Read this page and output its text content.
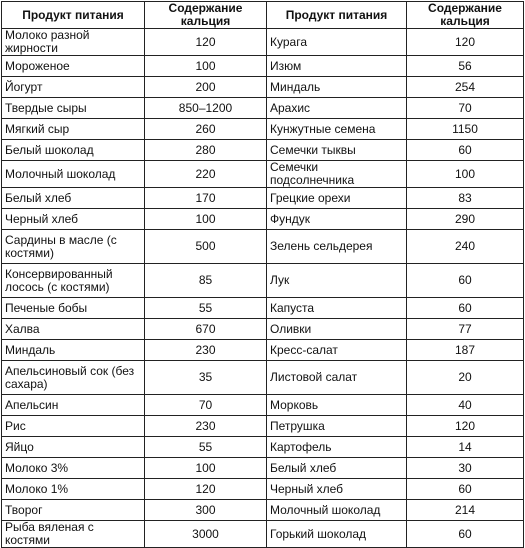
Продукт питания	Содержание кальция	Продукт питания	Содержание кальция
Молоко разной жирности	120	Курага	120
Мороженое	100	Изюм	56
Йогурт	200	Миндаль	254
Твердые сыры	850–1200	Арахис	70
Мягкий сыр	260	Кунжутные семена	1150
Белый шоколад	280	Семечки тыквы	60
Молочный шоколад	220	Семечки подсолнечника	100
Белый хлеб	170	Грецкие орехи	83
Черный хлеб	100	Фундук	290
Сардины в масле (с костями)	500	Зелень сельдерея	240
Консервированный лосось (с костями)	85	Лук	60
Печеные бобы	55	Капуста	60
Халва	670	Оливки	77
Миндаль	230	Кресс-салат	187
Апельсиновый сок (без сахара)	35	Листовой салат	20
Апельсин	70	Морковь	40
Рис	230	Петрушка	120
Яйцо	55	Картофель	14
Молоко 3%	100	Белый хлеб	30
Молоко 1%	120	Черный хлеб	60
Творог	300	Молочный шоколад	214
Рыба вяленая с костями	3000	Горький шоколад	60
